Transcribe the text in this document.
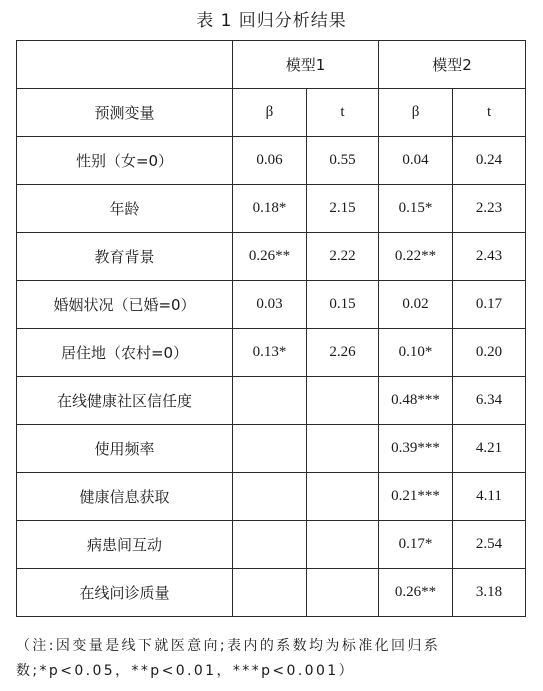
表 1 回归分析结果
	模型1		模型2	
预测变量	β	t	β	t
性别（女=0）	0.06	0.55	0.04	0.24
年龄	0.18*	2.15	0.15*	2.23
教育背景	0.26**	2.22	0.22**	2.43
婚姻状况（已婚=0）	0.03	0.15	0.02	0.17
居住地（农村=0）	0.13*	2.26	0.10*	0.20
在线健康社区信任度			0.48***	6.34
使用频率			0.39***	4.21
健康信息获取			0.21***	4.11
病患间互动			0.17*	2.54
在线问诊质量			0.26**	3.18
（注:因变量是线下就医意向;表内的系数均为标准化回归系
数;*p<0.05，**p<0.01，***p<0.001）
